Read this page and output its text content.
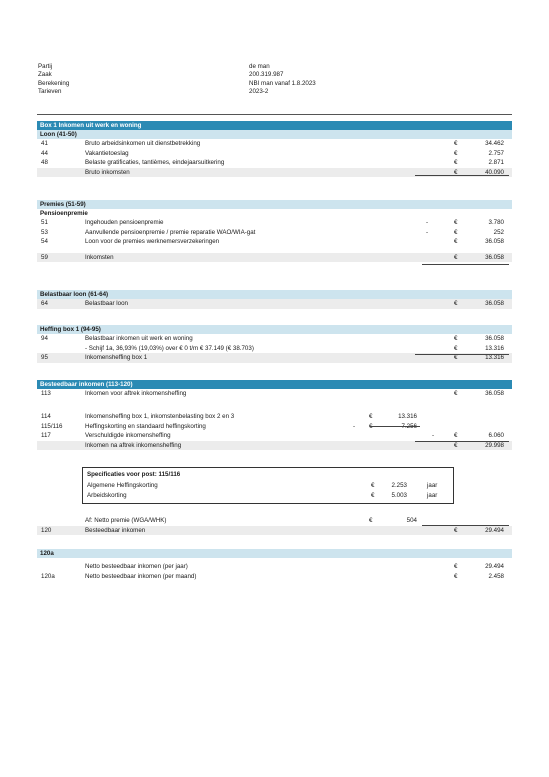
Partij	de man
Zaak	200.319.987
Berekening	NBI man vanaf 1.8.2023
Tarieven	2023-2
Box 1 Inkomen uit werk en woning
Loon (41-50)
41	Bruto arbeidsinkomen uit dienstbetrekking	€	34.462
44	Vakantietoeslag	€	2.757
48	Belaste gratificaties, tantièmes, eindejaarsuitkering	€	2.871
Bruto inkomsten	€	40.090
Premies (51-59)
Pensioenpremie
51	Ingehouden pensioenpremie	-	€	3.780
53	Aanvullende pensioenpremie / premie reparatie WAO/WIA-gat	-	€	252
54	Loon voor de premies werknemersverzekeringen	€	36.058
59	Inkomsten	€	36.058
Belastbaar loon (61-64)
64	Belastbaar loon	€	36.058
Heffing box 1 (94-95)
94	Belastbaar inkomen uit werk en woning	€	36.058
- Schijf 1a, 36,93% (19,03%) over € 0 t/m € 37.149 (€ 38.703)	€	13.316
95	Inkomensheffing box 1	€	13.316
Besteedbaar inkomen (113-120)
113	Inkomen voor aftrek inkomensheffing	€	36.058
114	Inkomensheffing box 1, inkomstenbelasting box 2 en 3	€	13.316
115/116	Heffingskorting en standaard heffingskorting	- €	7.256
117	Verschuldigde inkomensheffing	-	€	6.060
Inkomen na aftrek inkomensheffing	€	29.998
Specificaties voor post: 115/116
Algemene Heffingskorting	€	2.253	jaar
Arbeidskorting	€	5.003	jaar
Af: Netto premie (WGA/WHK)	€	504
120	Besteedbaar inkomen	€	29.494
120a
Netto besteedbaar inkomen (per jaar)	€	29.494
120a	Netto besteedbaar inkomen (per maand)	€	2.458
